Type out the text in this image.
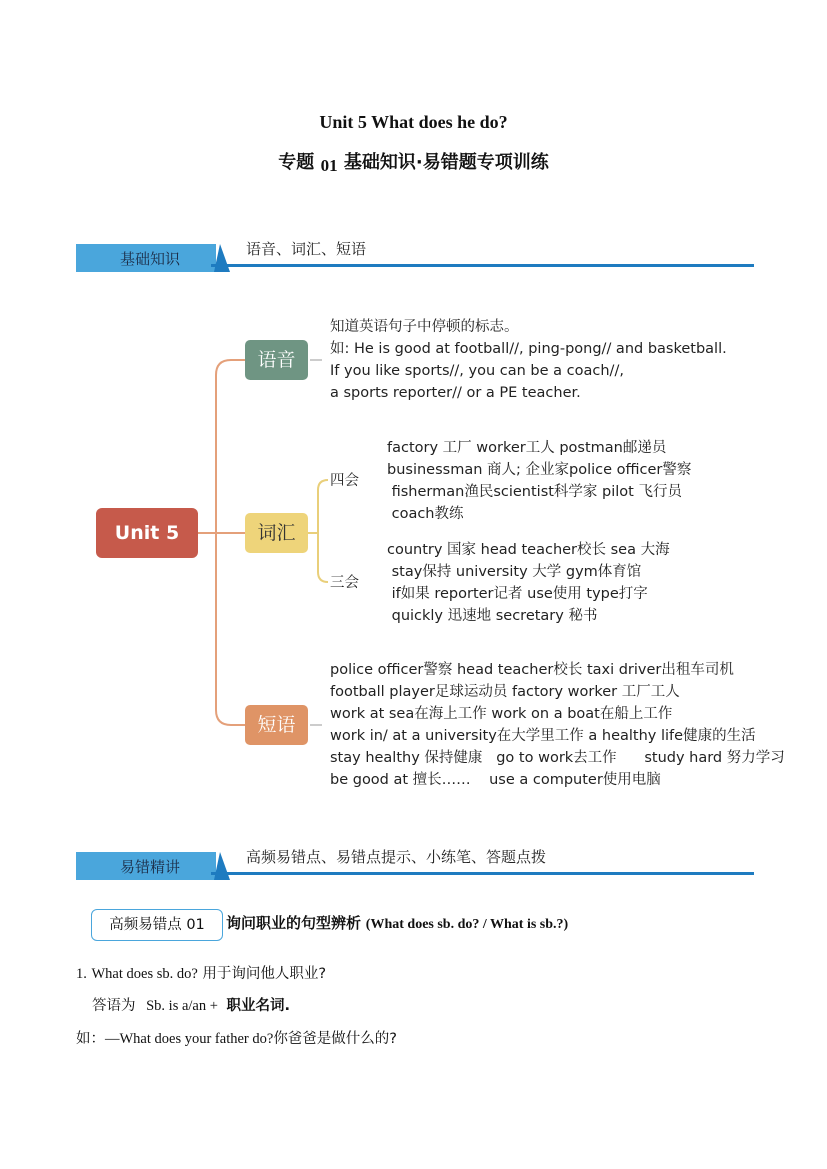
Unit 5 What does he do?
专题 01 基础知识·易错题专项训练
基础知识
语音、词汇、短语
Unit 5
语音
知道英语句子中停顿的标志。
如: He is good at football//, ping-pong// and basketball.
If you like sports//, you can be a coach//,
a sports reporter// or a PE teacher.
词汇
四会
factory 工厂 worker工人 postman邮递员
businessman 商人; 企业家police officer警察
fisherman渔民scientist科学家 pilot 飞行员
coach教练
三会
country 国家 head teacher校长 sea 大海
stay保持 university 大学 gym体育馆
if如果 reporter记者 use使用 type打字
quickly 迅速地 secretary 秘书
短语
police officer警察 head teacher校长 taxi driver出租车司机
football player足球运动员 factory worker 工厂工人
work at sea在海上工作 work on a boat在船上工作
work in/ at a university在大学里工作 a healthy life健康的生活
stay healthy 保持健康   go to work去工作      study hard 努力学习
be good at 擅长……    use a computer使用电脑
易错精讲
高频易错点、易错点提示、小练笔、答题点拨
高频易错点 01	询问职业的句型辨析 (What does sb. do? / What is sb.?)
1. What does sb. do? 用于询问他人职业?
答语为 Sb. is a/an + 职业名词.
如：—What does your father do?你爸爸是做什么的?
